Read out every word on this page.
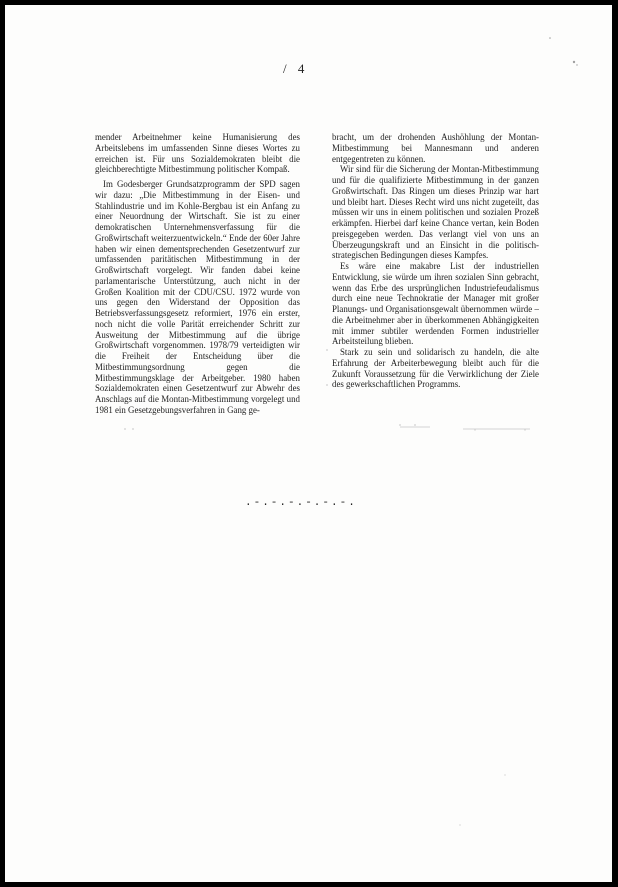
/ 4

mender Arbeitnehmer keine Humanisierung des Arbeitslebens im umfassenden Sinne dieses Wortes zu erreichen ist. Für uns Sozialdemokraten bleibt die gleichberechtigte Mitbestimmung politischer Kompaß.

Im Godesberger Grundsatzprogramm der SPD sagen wir dazu: „Die Mitbestimmung in der Eisen- und Stahlindustrie und im Kohle-Bergbau ist ein Anfang zu einer Neuordnung der Wirtschaft. Sie ist zu einer demokratischen Unternehmensverfassung für die Großwirtschaft weiterzuentwickeln.“ Ende der 60er Jahre haben wir einen dementsprechenden Gesetzentwurf zur umfassenden paritätischen Mitbestimmung in der Großwirtschaft vorgelegt. Wir fanden dabei keine parlamentarische Unterstützung, auch nicht in der Großen Koalition mit der CDU/CSU. 1972 wurde von uns gegen den Widerstand der Opposition das Betriebsverfassungsgesetz reformiert, 1976 ein erster, noch nicht die volle Parität erreichender Schritt zur Ausweitung der Mitbestimmung auf die übrige Großwirtschaft vorgenommen. 1978/79 verteidigten wir die Freiheit der Entscheidung über die Mitbestimmungsordnung gegen die Mitbestimmungsklage der Arbeitgeber. 1980 haben Sozialdemokraten einen Gesetzentwurf zur Abwehr des Anschlags auf die Montan-Mitbestimmung vorgelegt und 1981 ein Gesetzgebungsverfahren in Gang ge-

bracht, um der drohenden Aushöhlung der Montan-Mitbestimmung bei Mannesmann und anderen entgegentreten zu können.

Wir sind für die Sicherung der Montan-Mitbestimmung und für die qualifizierte Mitbestimmung in der ganzen Großwirtschaft. Das Ringen um dieses Prinzip war hart und bleibt hart. Dieses Recht wird uns nicht zugeteilt, das müssen wir uns in einem politischen und sozialen Prozeß erkämpfen. Hierbei darf keine Chance vertan, kein Boden preisgegeben werden. Das verlangt viel von uns an Überzeugungskraft und an Einsicht in die politisch-strategischen Bedingungen dieses Kampfes.

Es wäre eine makabre List der industriellen Entwicklung, sie würde um ihren sozialen Sinn gebracht, wenn das Erbe des ursprünglichen Industriefeudalismus durch eine neue Technokratie der Manager mit großer Planungs- und Organisationsgewalt übernommen würde – die Arbeitnehmer aber in überkommenen Abhängigkeiten mit immer subtiler werdenden Formen industrieller Arbeitsteilung blieben.

Stark zu sein und solidarisch zu handeln, die alte Erfahrung der Arbeiterbewegung bleibt auch für die Zukunft Voraussetzung für die Verwirklichung der Ziele des gewerkschaftlichen Programms.

.-.-.-.-.-.-.
